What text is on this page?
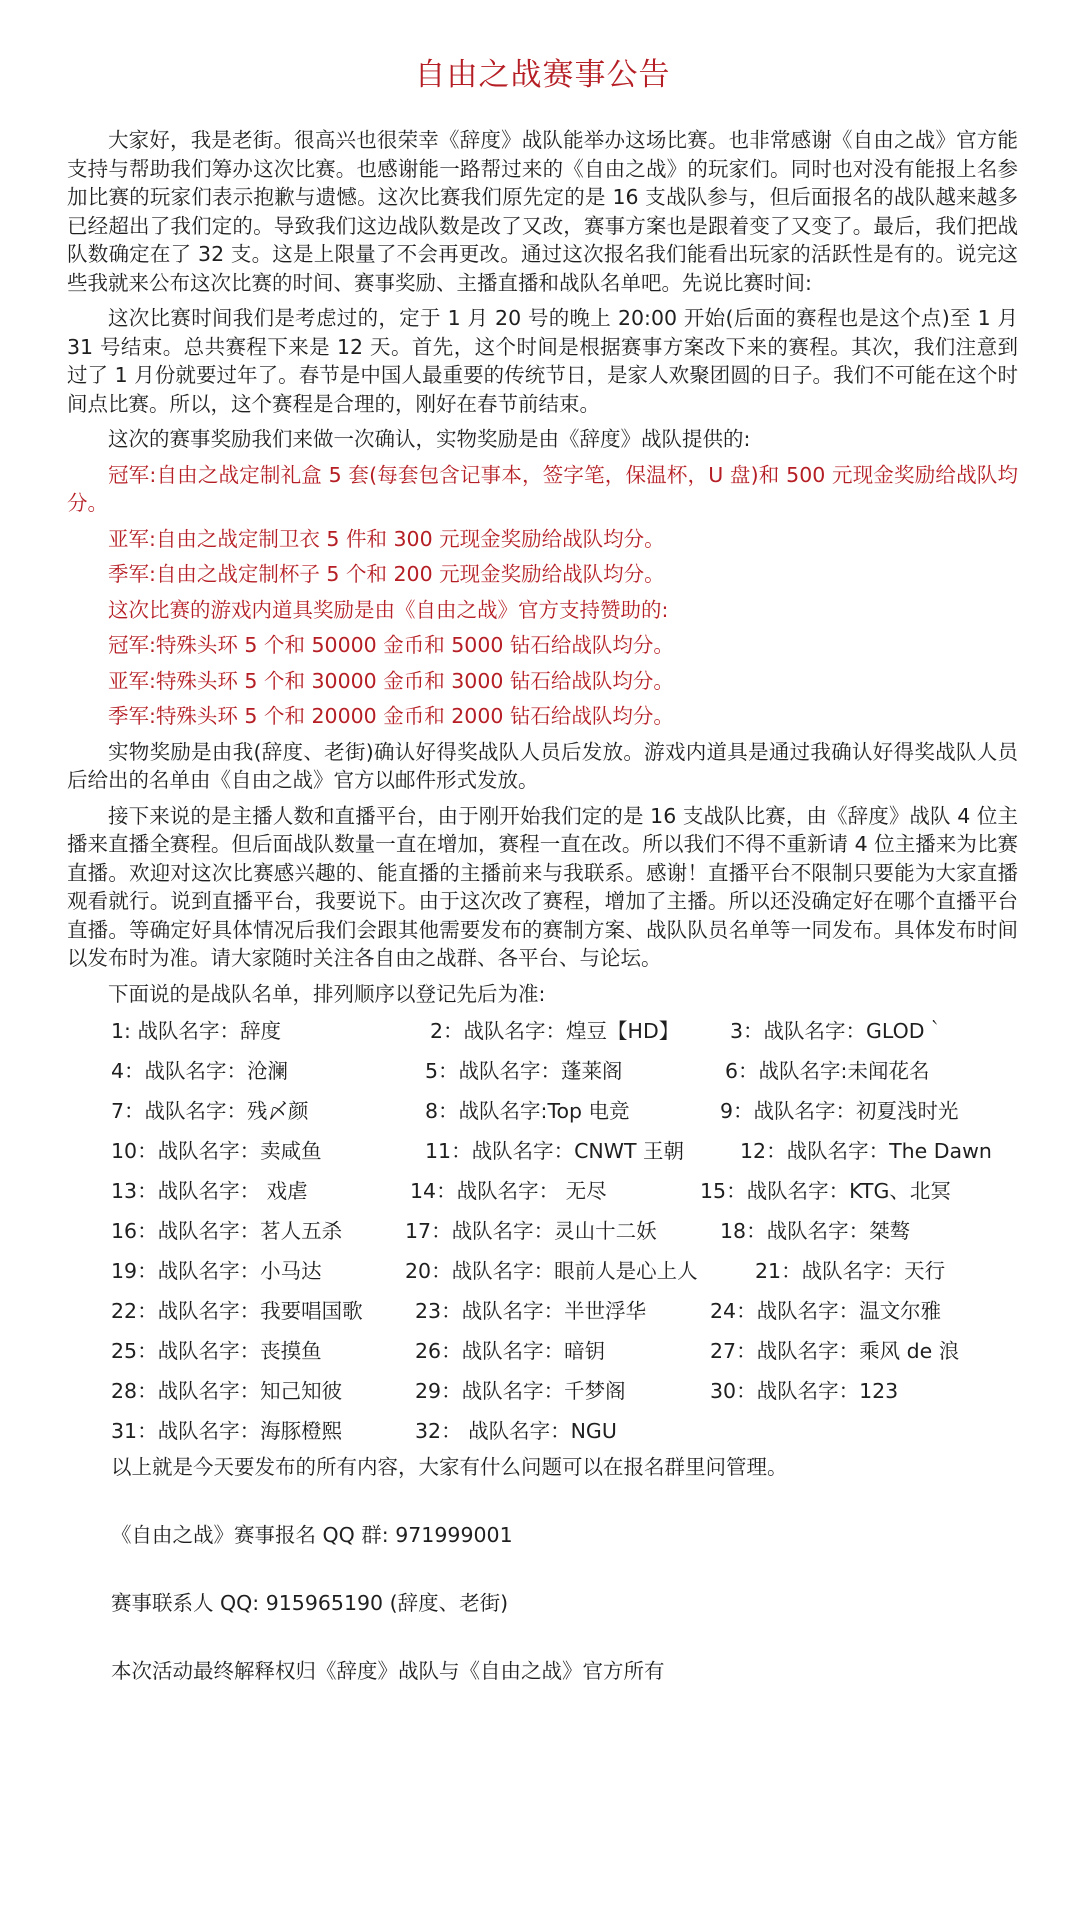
自由之战赛事公告

大家好，我是老街。很高兴也很荣幸《辞度》战队能举办这场比赛。也非常感谢《自由之战》官方能支持与帮助我们筹办这次比赛。也感谢能一路帮过来的《自由之战》的玩家们。同时也对没有能报上名参加比赛的玩家们表示抱歉与遗憾。这次比赛我们原先定的是 16 支战队参与，但后面报名的战队越来越多已经超出了我们定的。导致我们这边战队数是改了又改，赛事方案也是跟着变了又变了。最后，我们把战队数确定在了 32 支。这是上限量了不会再更改。通过这次报名我们能看出玩家的活跃性是有的。说完这些我就来公布这次比赛的时间、赛事奖励、主播直播和战队名单吧。先说比赛时间:

这次比赛时间我们是考虑过的，定于 1 月 20 号的晚上 20:00 开始(后面的赛程也是这个点)至 1 月 31 号结束。总共赛程下来是 12 天。首先，这个时间是根据赛事方案改下来的赛程。其次，我们注意到过了 1 月份就要过年了。春节是中国人最重要的传统节日，是家人欢聚团圆的日子。我们不可能在这个时间点比赛。所以，这个赛程是合理的，刚好在春节前结束。

这次的赛事奖励我们来做一次确认，实物奖励是由《辞度》战队提供的:

冠军:自由之战定制礼盒 5 套(每套包含记事本，签字笔，保温杯，U 盘)和 500 元现金奖励给战队均分。

亚军:自由之战定制卫衣 5 件和 300 元现金奖励给战队均分。

季军:自由之战定制杯子 5 个和 200 元现金奖励给战队均分。

这次比赛的游戏内道具奖励是由《自由之战》官方支持赞助的:

冠军:特殊头环 5 个和 50000 金币和 5000 钻石给战队均分。

亚军:特殊头环 5 个和 30000 金币和 3000 钻石给战队均分。

季军:特殊头环 5 个和 20000 金币和 2000 钻石给战队均分。

实物奖励是由我(辞度、老街)确认好得奖战队人员后发放。游戏内道具是通过我确认好得奖战队人员后给出的名单由《自由之战》官方以邮件形式发放。

接下来说的是主播人数和直播平台，由于刚开始我们定的是 16 支战队比赛，由《辞度》战队 4 位主播来直播全赛程。但后面战队数量一直在增加，赛程一直在改。所以我们不得不重新请 4 位主播来为比赛直播。欢迎对这次比赛感兴趣的、能直播的主播前来与我联系。感谢！直播平台不限制只要能为大家直播观看就行。说到直播平台，我要说下。由于这次改了赛程，增加了主播。所以还没确定好在哪个直播平台直播。等确定好具体情况后我们会跟其他需要发布的赛制方案、战队队员名单等一同发布。具体发布时间以发布时为准。请大家随时关注各自由之战群、各平台、与论坛。

下面说的是战队名单，排列顺序以登记先后为准:

1: 战队名字：辞度	2：战队名字：煌豆【HD】 3：战队名字：GLOD｀
4：战队名字：沧澜	5：战队名字：蓬莱阁	6：战队名字:未闻花名
7：战队名字：残〆颜	8：战队名字:Top 电竞	9：战队名字：初夏浅时光
10：战队名字：卖咸鱼	11：战队名字：CNWT 王朝	12：战队名字：The Dawn
13：战队名字： 戏虐	14：战队名字： 无尽	15：战队名字：KTG、北冥
16：战队名字：茗人五杀	17：战队名字：灵山十二妖	18：战队名字：桀骜
19：战队名字：小马达	20：战队名字：眼前人是心上人	21：战队名字：天行
22：战队名字：我要唱国歌	23：战队名字：半世浮华	24：战队名字：温文尔雅
25：战队名字：丧摸鱼	26：战队名字：暗钥	27：战队名字：乘风 de 浪
28：战队名字：知己知彼	29：战队名字：千梦阁	30：战队名字：123
31：战队名字：海豚橙熙	32： 战队名字：NGU

以上就是今天要发布的所有内容，大家有什么问题可以在报名群里问管理。

《自由之战》赛事报名 QQ 群: 971999001

赛事联系人 QQ: 915965190 (辞度、老街)

本次活动最终解释权归《辞度》战队与《自由之战》官方所有
